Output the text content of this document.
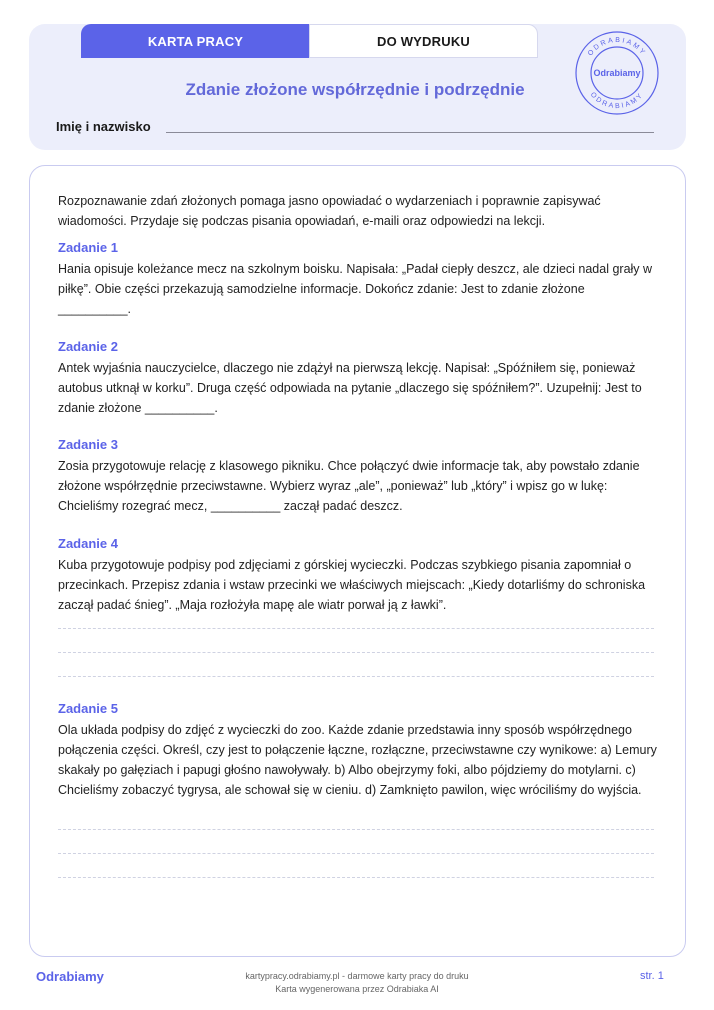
KARTA PRACY	DO WYDRUKU
Zdanie złożone współrzędnie i podrzędnie
Imię i nazwisko
ODRABIAMY
Odrabiamy
ODRABIAMY
Rozpoznawanie zdań złożonych pomaga jasno opowiadać o wydarzeniach i poprawnie zapisywać wiadomości. Przydaje się podczas pisania opowiadań, e-maili oraz odpowiedzi na lekcji.
Zadanie 1
Hania opisuje koleżance mecz na szkolnym boisku. Napisała: „Padał ciepły deszcz, ale dzieci nadal grały w piłkę”. Obie części przekazują samodzielne informacje. Dokończ zdanie: Jest to zdanie złożone __________.
Zadanie 2
Antek wyjaśnia nauczycielce, dlaczego nie zdążył na pierwszą lekcję. Napisał: „Spóźniłem się, ponieważ autobus utknął w korku”. Druga część odpowiada na pytanie „dlaczego się spóźniłem?”. Uzupełnij: Jest to zdanie złożone __________.
Zadanie 3
Zosia przygotowuje relację z klasowego pikniku. Chce połączyć dwie informacje tak, aby powstało zdanie złożone współrzędnie przeciwstawne. Wybierz wyraz „ale”, „ponieważ” lub „który” i wpisz go w lukę: Chcieliśmy rozegrać mecz, __________ zaczął padać deszcz.
Zadanie 4
Kuba przygotowuje podpisy pod zdjęciami z górskiej wycieczki. Podczas szybkiego pisania zapomniał o przecinkach. Przepisz zdania i wstaw przecinki we właściwych miejscach: „Kiedy dotarliśmy do schroniska zaczął padać śnieg”. „Maja rozłożyła mapę ale wiatr porwał ją z ławki”.
Zadanie 5
Ola układa podpisy do zdjęć z wycieczki do zoo. Każde zdanie przedstawia inny sposób współrzędnego połączenia części. Określ, czy jest to połączenie łączne, rozłączne, przeciwstawne czy wynikowe: a) Lemury skakały po gałęziach i papugi głośno nawoływały. b) Albo obejrzymy foki, albo pójdziemy do motylarni. c) Chcieliśmy zobaczyć tygrysa, ale schował się w cieniu. d) Zamknięto pawilon, więc wróciliśmy do wyjścia.
Odrabiamy	kartypracy.odrabiamy.pl - darmowe karty pracy do druku
Karta wygenerowana przez Odrabiaka AI
str. 1
